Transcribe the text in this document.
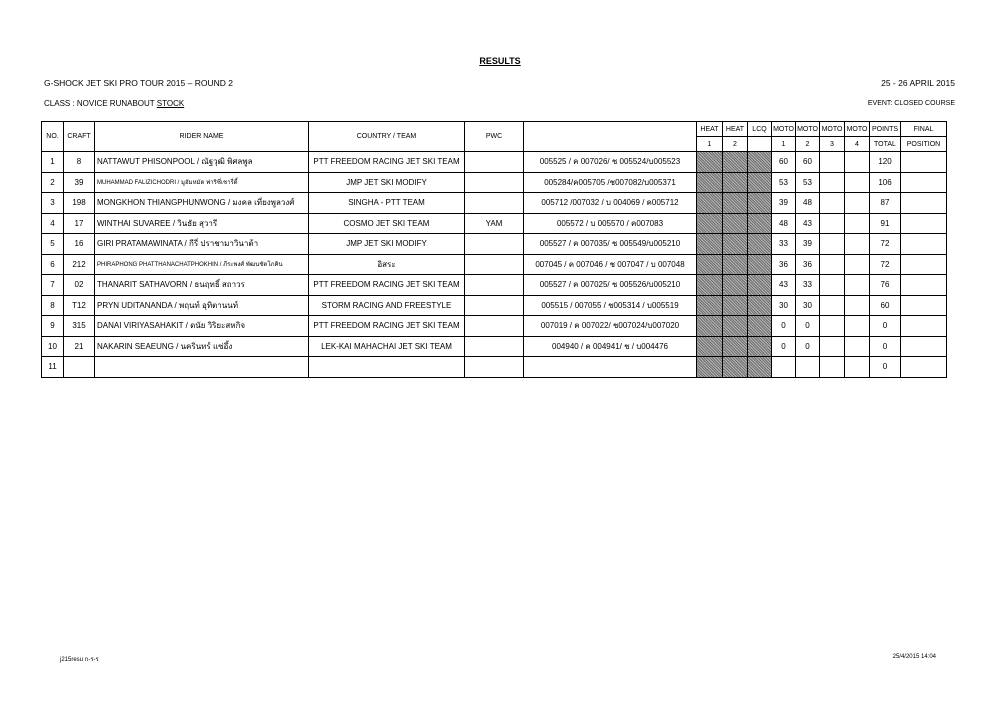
RESULTS
G-SHOCK JET SKI PRO TOUR 2015 – ROUND 2	25 - 26 APRIL 2015
CLASS : NOVICE RUNABOUT STOCK	EVENT: CLOSED COURSE
NO.	CRAFT	RIDER NAME	COUNTRY / TEAM	PWC		HEAT	HEAT	LCQ	MOTO	MOTO	MOTO	MOTO	POINTS	FINAL
						1	2		1	2	3	4	TOTAL	POSITION
1	8	NATTAWUT PHISONPOOL / ณัฐวุฒิ พิศลพูล	PTT FREEDOM RACING JET SKI TEAM		005525 / ค 007026/ ช 005524/บ005523				60	60			120	
2	39	MUHAMMAD FALIZICHODRI / มูฮัมหมัด ฟาริซี่เชารี่ดี้	JMP JET SKI MODIFY		005284/ค005705 /ช007082/บ005371				53	53			106	
3	198	MONGKHON THIANGPHUNWONG / มงคล เที่ยงพูลวงศ์	SINGHA - PTT TEAM		005712 /007032 / บ 004069 / ค005712				39	48			87	
4	17	WINTHAI SUVAREE / วินธัย สุวารี	COSMO JET SKI TEAM	YAM	005572 / บ 005570 / ค007083				48	43			91	
5	16	GIRI PRATAMAWINATA / กีรี่ ปราชามาวินาต้า	JMP JET SKI MODIFY		005527 / ค 007035/ ช 005549/บ005210				33	39			72	
6	212	PHIRAPHONG PHATTHANACHATPHOKHIN / ภีระพงศ์ พัฒนชัตโภคิน	อิสระ		007045 / ค 007046 / ช 007047 / บ 007048				36	36			72	
7	02	THANARIT SATHAVORN / ธนฤทธิ์ สถาวร	PTT FREEDOM RACING JET SKI TEAM		005527 / ค 007025/ ช 005526/บ005210				43	33			76	
8	T12	PRYN UDITANANDA / พฤนท์ อุทิตานนท์	STORM RACING AND FREESTYLE		005515 / 007055 / ช005314 / บ005519				30	30			60	
9	315	DANAI VIRIYASAHAKIT / ดนัย วิริยะสหกิจ	PTT FREEDOM RACING JET SKI TEAM		007019 / ค 007022/ ช007024/บ007020				0	0			0	
10	21	NAKARIN SEAEUNG / นครินทร์ แซ่อึ้ง	LEK-KAI MAHACHAI JET SKI TEAM		004940 / ค 004941/ ช / บ004476				0	0			0	
11													0	
j215resu ก-ร-ร	25/4/2015 14:04
